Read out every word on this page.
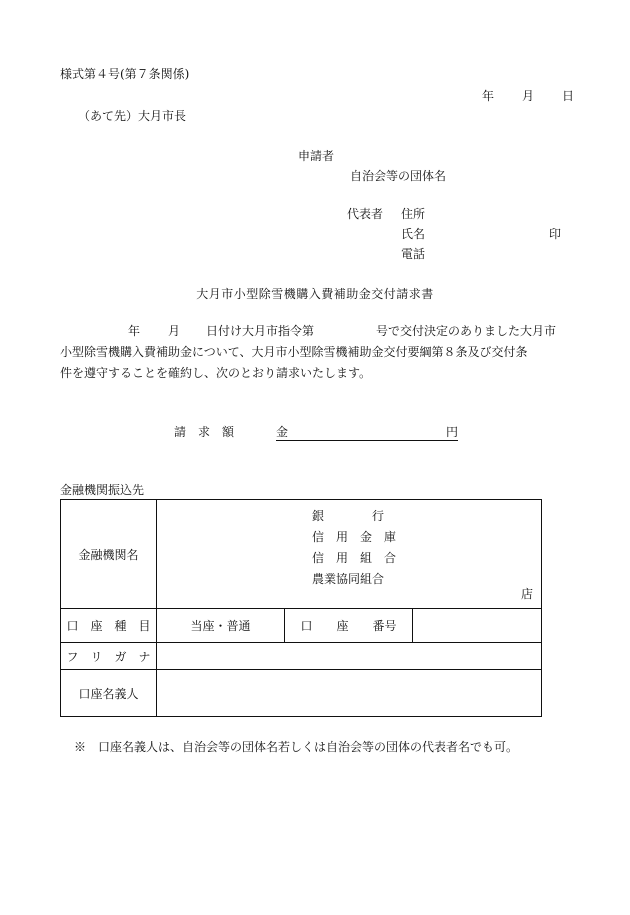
様式第４号(第７条関係)
年 月 日
（あて先）大月市長
申請者
自治会等の団体名
代表者 住所
氏名	印
電話
大月市小型除雪機購入費補助金交付請求書
年 月 日付け大月市指令第	号で交付決定のありました大月市
小型除雪機購入費補助金について、大月市小型除雪機補助金交付要綱第８条及び交付条
件を遵守することを確約し、次のとおり請求いたします。
請　求　額	金	円
金融機関振込先
金融機関名	銀　　　　行
信　用　金　庫
信　用　組　合
農業協同組合
店		

口　座　種　目	当座・普通	口　　座　　番号	
フ　リ　ガ　ナ			
口座名義人			
※　口座名義人は、自治会等の団体名若しくは自治会等の団体の代表者名でも可。
